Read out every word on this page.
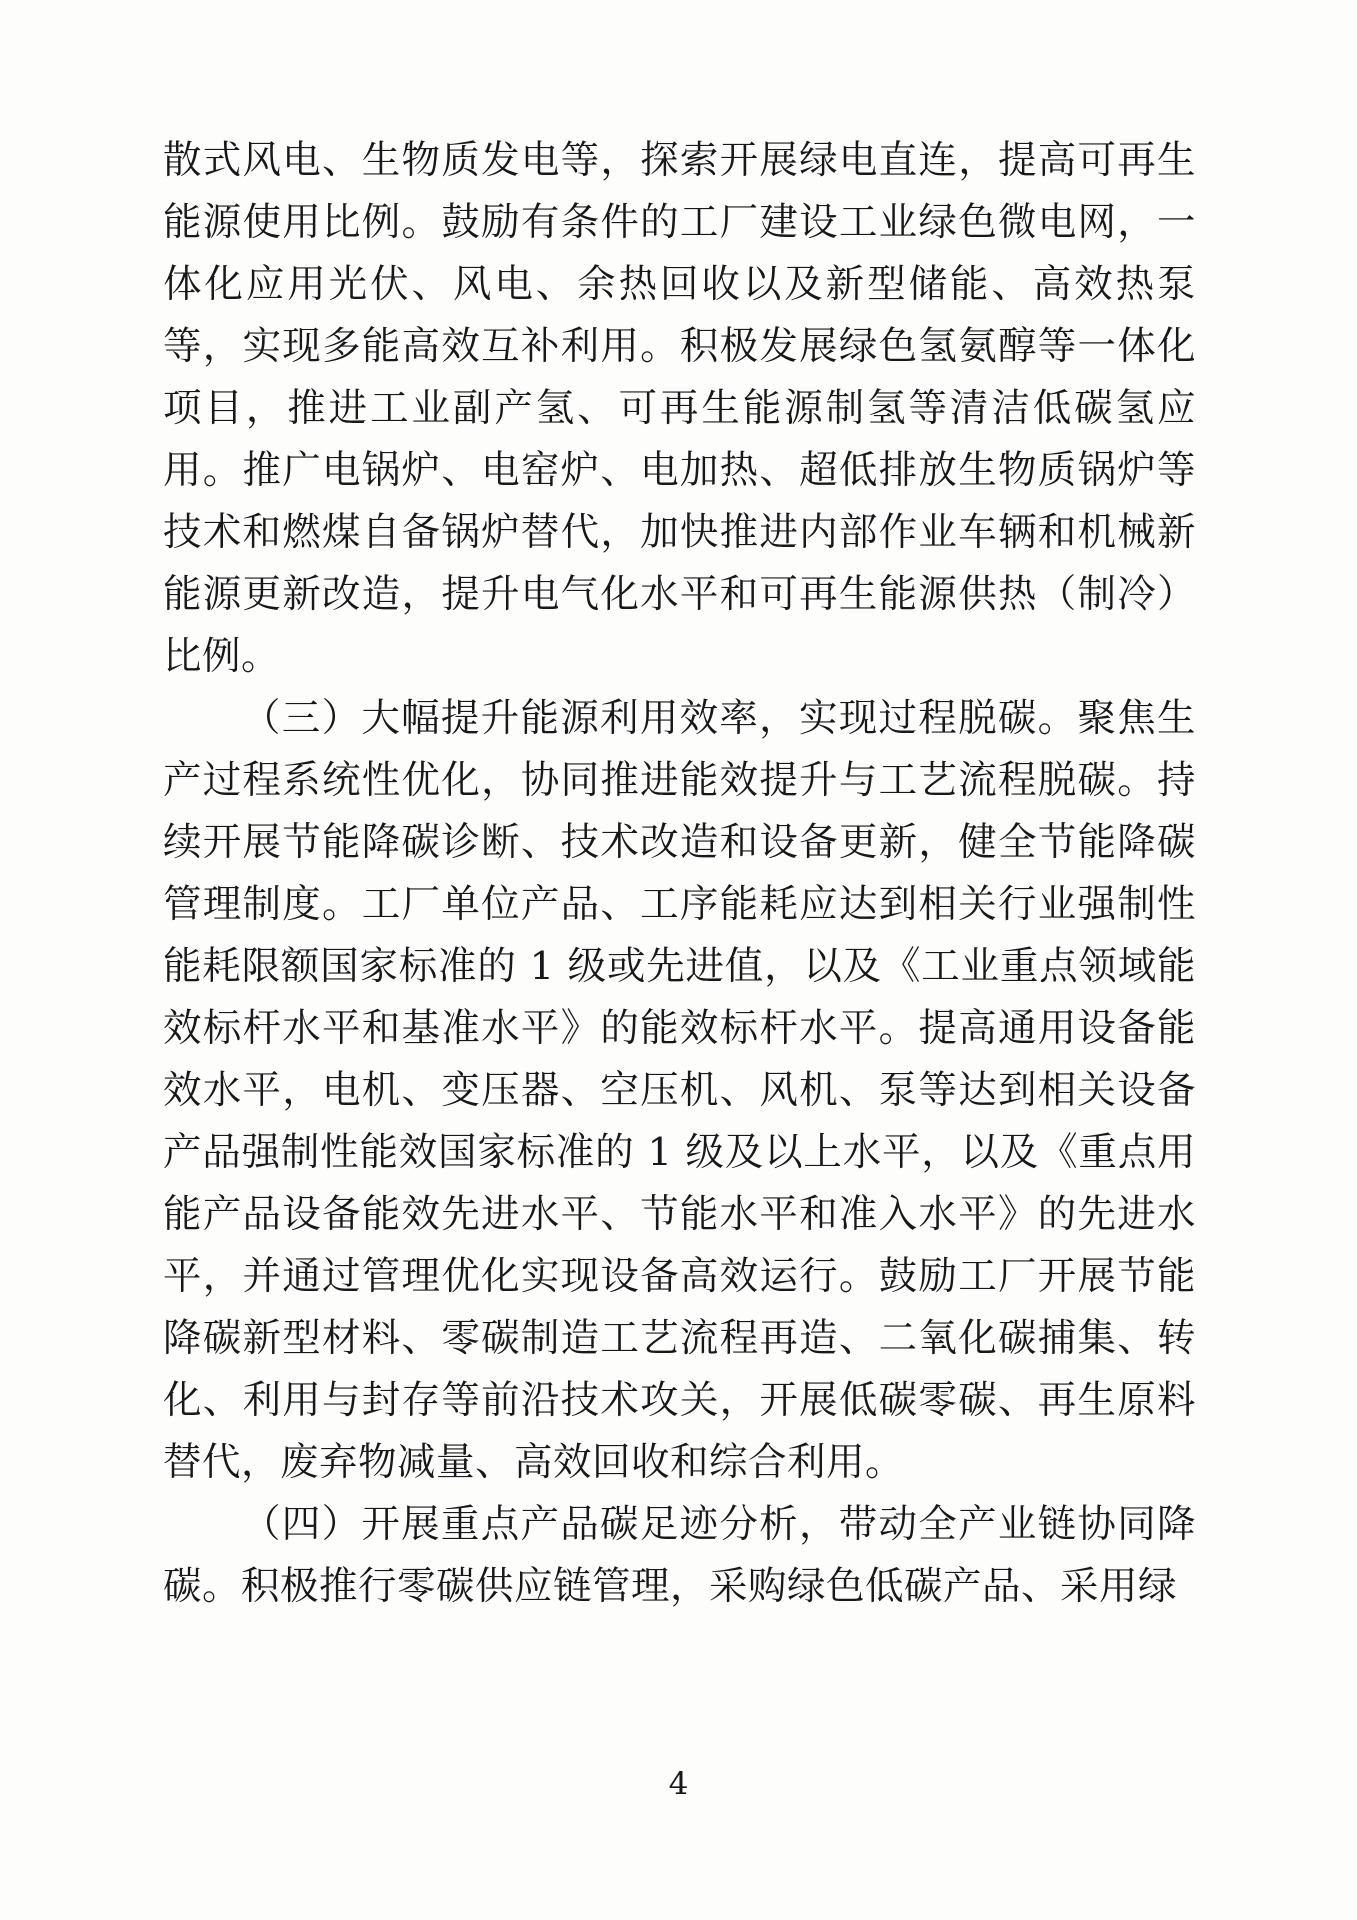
散式风电、生物质发电等，探索开展绿电直连，提高可再生能源使用比例。鼓励有条件的工厂建设工业绿色微电网，一体化应用光伏、风电、余热回收以及新型储能、高效热泵等，实现多能高效互补利用。积极发展绿色氢氨醇等一体化项目，推进工业副产氢、可再生能源制氢等清洁低碳氢应用。推广电锅炉、电窑炉、电加热、超低排放生物质锅炉等技术和燃煤自备锅炉替代，加快推进内部作业车辆和机械新能源更新改造，提升电气化水平和可再生能源供热（制冷）比例。

（三）大幅提升能源利用效率，实现过程脱碳。聚焦生产过程系统性优化，协同推进能效提升与工艺流程脱碳。持续开展节能降碳诊断、技术改造和设备更新，健全节能降碳管理制度。工厂单位产品、工序能耗应达到相关行业强制性能耗限额国家标准的 1 级或先进值，以及《工业重点领域能效标杆水平和基准水平》的能效标杆水平。提高通用设备能效水平，电机、变压器、空压机、风机、泵等达到相关设备产品强制性能效国家标准的 1 级及以上水平，以及《重点用能产品设备能效先进水平、节能水平和准入水平》的先进水平，并通过管理优化实现设备高效运行。鼓励工厂开展节能降碳新型材料、零碳制造工艺流程再造、二氧化碳捕集、转化、利用与封存等前沿技术攻关，开展低碳零碳、再生原料替代，废弃物减量、高效回收和综合利用。

（四）开展重点产品碳足迹分析，带动全产业链协同降碳。积极推行零碳供应链管理，采购绿色低碳产品、采用绿

4
